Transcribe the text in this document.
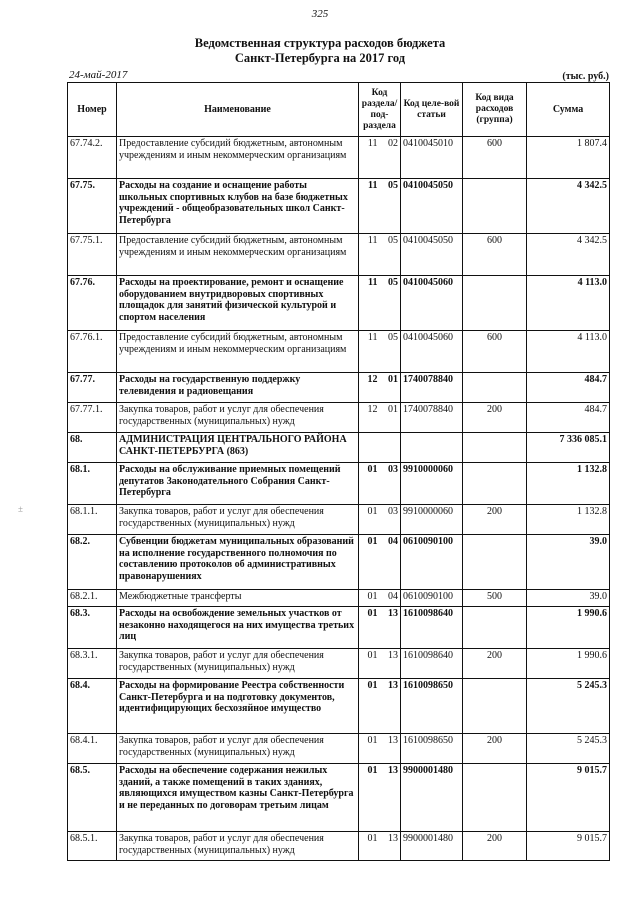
325
Ведомственная структура расходов бюджета
Санкт-Петербурга на 2017 год
24-май-2017	(тыс. руб.)
Номер	Наименование	Код раздела/ под-раздела		Код целе-вой статьи	Код вида расходов (группа)	Сумма
67.74.2.	Предоставление субсидий бюджетным, автономным учреждениям и иным некоммерческим организациям	11	02	0410045010	600	1 807.4
67.75.	Расходы на создание и оснащение работы школьных спортивных клубов на базе бюджетных учреждений - общеобразовательных школ Санкт-Петербурга	11	05	0410045050		4 342.5
67.75.1.	Предоставление субсидий бюджетным, автономным учреждениям и иным некоммерческим организациям	11	05	0410045050	600	4 342.5
67.76.	Расходы на проектирование, ремонт и оснащение оборудованием внутридворовых спортивных площадок для занятий физической культурой и спортом населения	11	05	0410045060		4 113.0
67.76.1.	Предоставление субсидий бюджетным, автономным учреждениям и иным некоммерческим организациям	11	05	0410045060	600	4 113.0
67.77.	Расходы на государственную поддержку телевидения и радиовещания	12	01	1740078840		484.7
67.77.1.	Закупка товаров, работ и услуг для обеспечения государственных (муниципальных) нужд	12	01	1740078840	200	484.7
68.	АДМИНИСТРАЦИЯ ЦЕНТРАЛЬНОГО РАЙОНА САНКТ-ПЕТЕРБУРГА (863)					7 336 085.1
68.1.	Расходы на обслуживание приемных помещений депутатов Законодательного Собрания Санкт-Петербурга	01	03	9910000060		1 132.8
68.1.1.	Закупка товаров, работ и услуг для обеспечения государственных (муниципальных) нужд	01	03	9910000060	200	1 132.8
68.2.	Субвенции бюджетам муниципальных образований на исполнение государственного полномочия по составлению протоколов об административных правонарушениях	01	04	0610090100		39.0
68.2.1.	Межбюджетные трансферты	01	04	0610090100	500	39.0
68.3.	Расходы на освобождение земельных участков от незаконно находящегося на них имущества третьих лиц	01	13	1610098640		1 990.6
68.3.1.	Закупка товаров, работ и услуг для обеспечения государственных (муниципальных) нужд	01	13	1610098640	200	1 990.6
68.4.	Расходы на формирование Реестра собственности Санкт-Петербурга и на подготовку документов, идентифицирующих бесхозяйное имущество	01	13	1610098650		5 245.3
68.4.1.	Закупка товаров, работ и услуг для обеспечения государственных (муниципальных) нужд	01	13	1610098650	200	5 245.3
68.5.	Расходы на обеспечение содержания нежилых зданий, а также помещений в таких зданиях, являющихся имуществом казны Санкт-Петербурга и не переданных по договорам третьим лицам	01	13	9900001480		9 015.7
68.5.1.	Закупка товаров, работ и услуг для обеспечения государственных (муниципальных) нужд	01	13	9900001480	200	9 015.7
±
